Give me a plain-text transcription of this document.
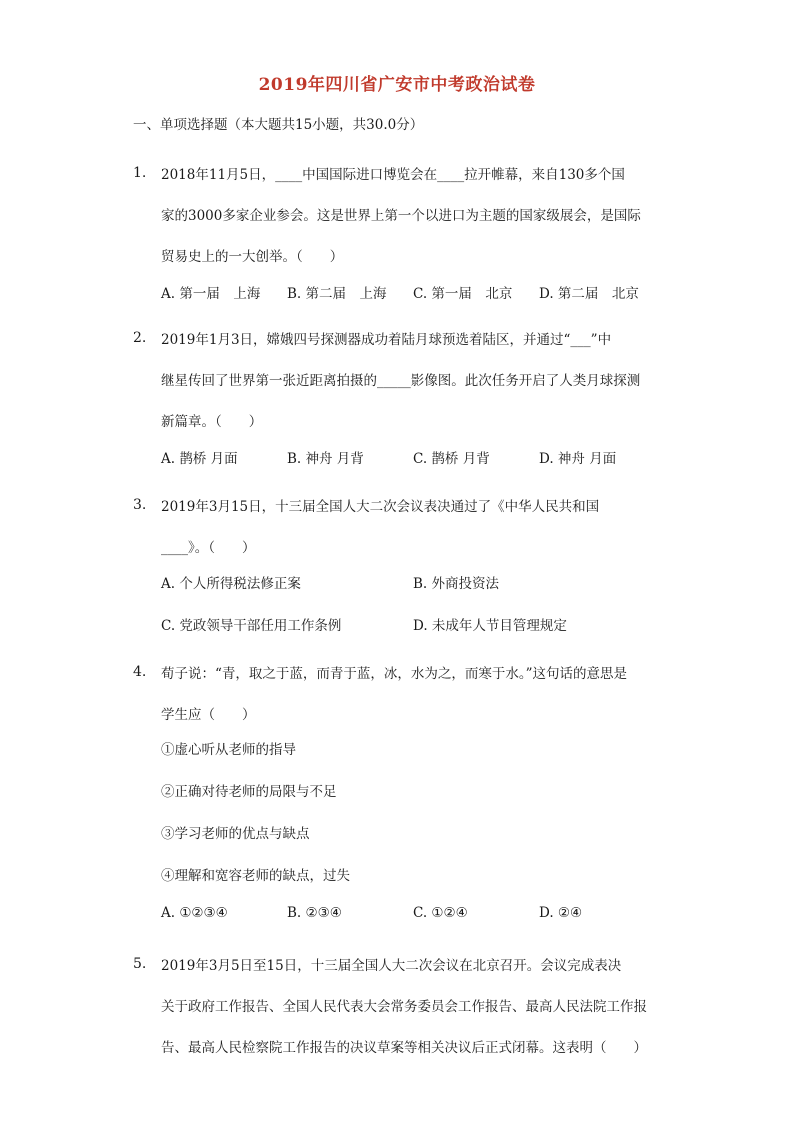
2019年四川省广安市中考政治试卷
一、单项选择题（本大题共15小题，共30.0分）
1. 2018年11月5日，____中国国际进口博览会在____拉开帷幕，来自130多个国
家的3000多家企业参会。这是世界上第一个以进口为主题的国家级展会，是国际
贸易史上的一大创举。（　　）
A. 第一届　上海 B. 第二届　上海 C. 第一届　北京 D. 第二届　北京
2. 2019年1月3日，嫦娥四号探测器成功着陆月球预选着陆区，并通过“___”中
继星传回了世界第一张近距离拍摄的_____影像图。此次任务开启了人类月球探测
新篇章。（　　）
A. 鹊桥 月面	B. 神舟 月背	C. 鹊桥 月背	D. 神舟 月面
3. 2019年3月15日，十三届全国人大二次会议表决通过了《中华人民共和国
____》。（　　）
A. 个人所得税法修正案	B. 外商投资法
C. 党政领导干部任用工作条例	D. 未成年人节目管理规定
4. 荀子说：“青，取之于蓝，而青于蓝，冰，水为之，而寒于水。”这句话的意思是
学生应（　　）
①虚心听从老师的指导
②正确对待老师的局限与不足
③学习老师的优点与缺点
④理解和宽容老师的缺点，过失
A. ①②③④	B. ②③④	C. ①②④	D. ②④
5. 2019年3月5日至15日，十三届全国人大二次会议在北京召开。会议完成表决
关于政府工作报告、全国人民代表大会常务委员会工作报告、最高人民法院工作报
告、最高人民检察院工作报告的决议草案等相关决议后正式闭幕。这表明（　　）
